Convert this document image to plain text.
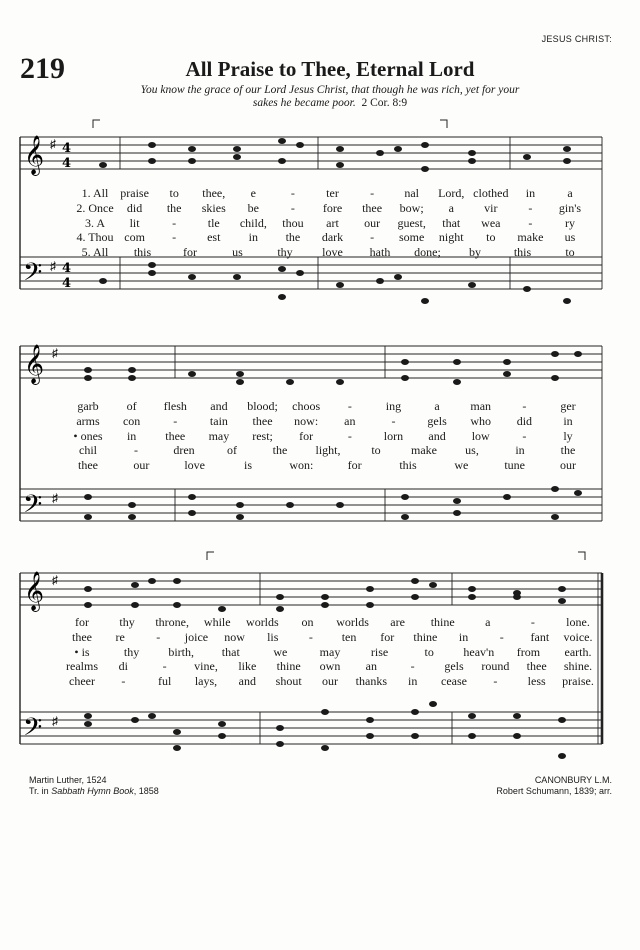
JESUS CHRIST:
219	All Praise to Thee, Eternal Lord
You know the grace of our Lord Jesus Christ, that though he was rich, yet for your
sakes he became poor. 2 Cor. 8:9
𝄞
𝄢
♯
♯
4
4
4
4
𝄞
𝄢
♯
♯
𝄞
𝄢
♯
♯
1. All praise to thee, e	-	ter	-	nal Lord, clothed in	a
2. Once did the skies be	- fore thee bow; a	vir	- gin's
3. A lit	-	tle child, thou art our guest, that wea -	ry
4. Thou com -	est in the dark - some night to make us
5. All this	for	us	thy love hath done; by	this	to
garb of flesh and blood; choos -	ing	a	man	-	ger
arms con	-	tain thee now: an	-	gels who did	in
• ones in thee may rest; for	-	lorn and low	-	ly
chil	-	dren	of	the light,	to	make us,	in	the
thee	our	love	is	won:	for	this	we	tune	our
for	thy throne, while worlds on worlds are thine	a	-	lone.
thee re	- joice now lis	- ten for thine in	- fant voice.
• is	thy birth, that	we	may	rise	to heav'n from earth.
realms di	- vine, like thine own an	- gels round thee shine.
cheer -	ful lays, and shout our thanks in cease -	less praise.
Martin Luther, 1524
Tr. in Sabbath Hymn Book, 1858
CANONBURY L.M.
Robert Schumann, 1839; arr.
